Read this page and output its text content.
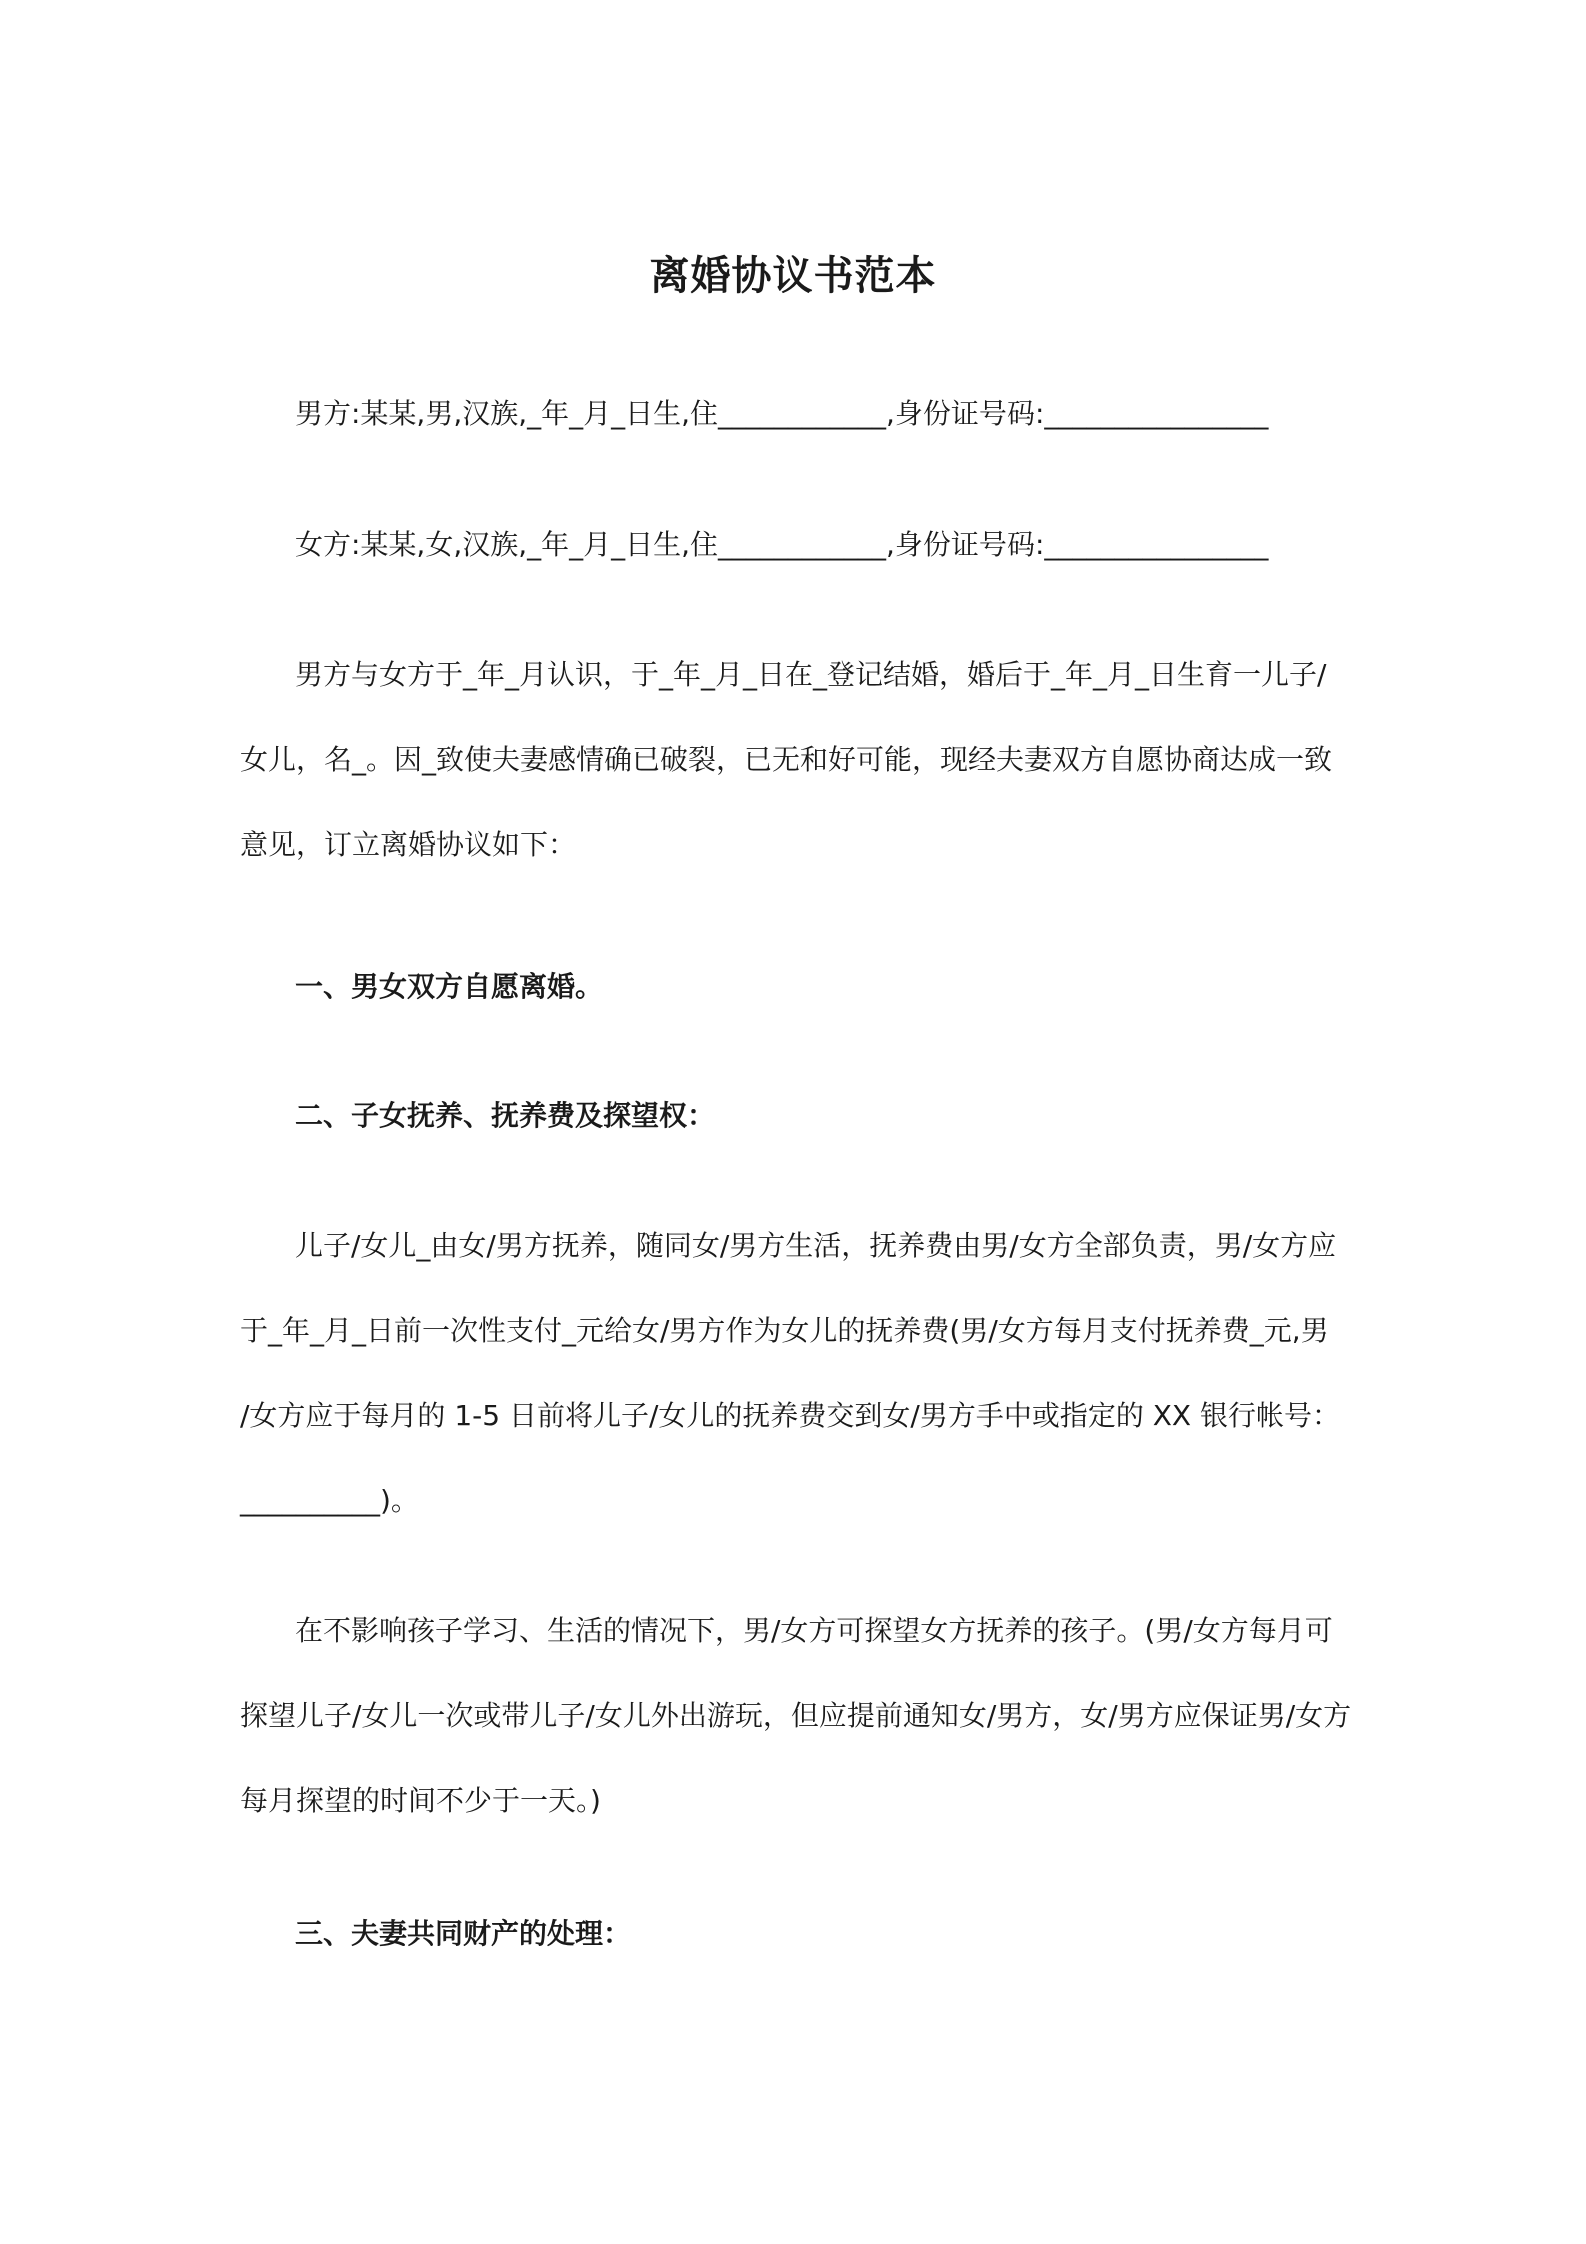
离婚协议书范本
男方:某某,男,汉族,_年_月_日生,住____________,身份证号码:________________
女方:某某,女,汉族,_年_月_日生,住____________,身份证号码:________________
男方与女方于_年_月认识，于_年_月_日在_登记结婚，婚后于_年_月_日生育一儿子/
女儿，名_。因_致使夫妻感情确已破裂，已无和好可能，现经夫妻双方自愿协商达成一致
意见，订立离婚协议如下：
一、男女双方自愿离婚。
二、子女抚养、抚养费及探望权：
儿子/女儿_由女/男方抚养，随同女/男方生活，抚养费由男/女方全部负责，男/女方应
于_年_月_日前一次性支付_元给女/男方作为女儿的抚养费(男/女方每月支付抚养费_元,男
/女方应于每月的 1-5 日前将儿子/女儿的抚养费交到女/男方手中或指定的 XX 银行帐号：
__________)。
在不影响孩子学习、生活的情况下，男/女方可探望女方抚养的孩子。(男/女方每月可
探望儿子/女儿一次或带儿子/女儿外出游玩，但应提前通知女/男方，女/男方应保证男/女方
每月探望的时间不少于一天。)
三、夫妻共同财产的处理：
